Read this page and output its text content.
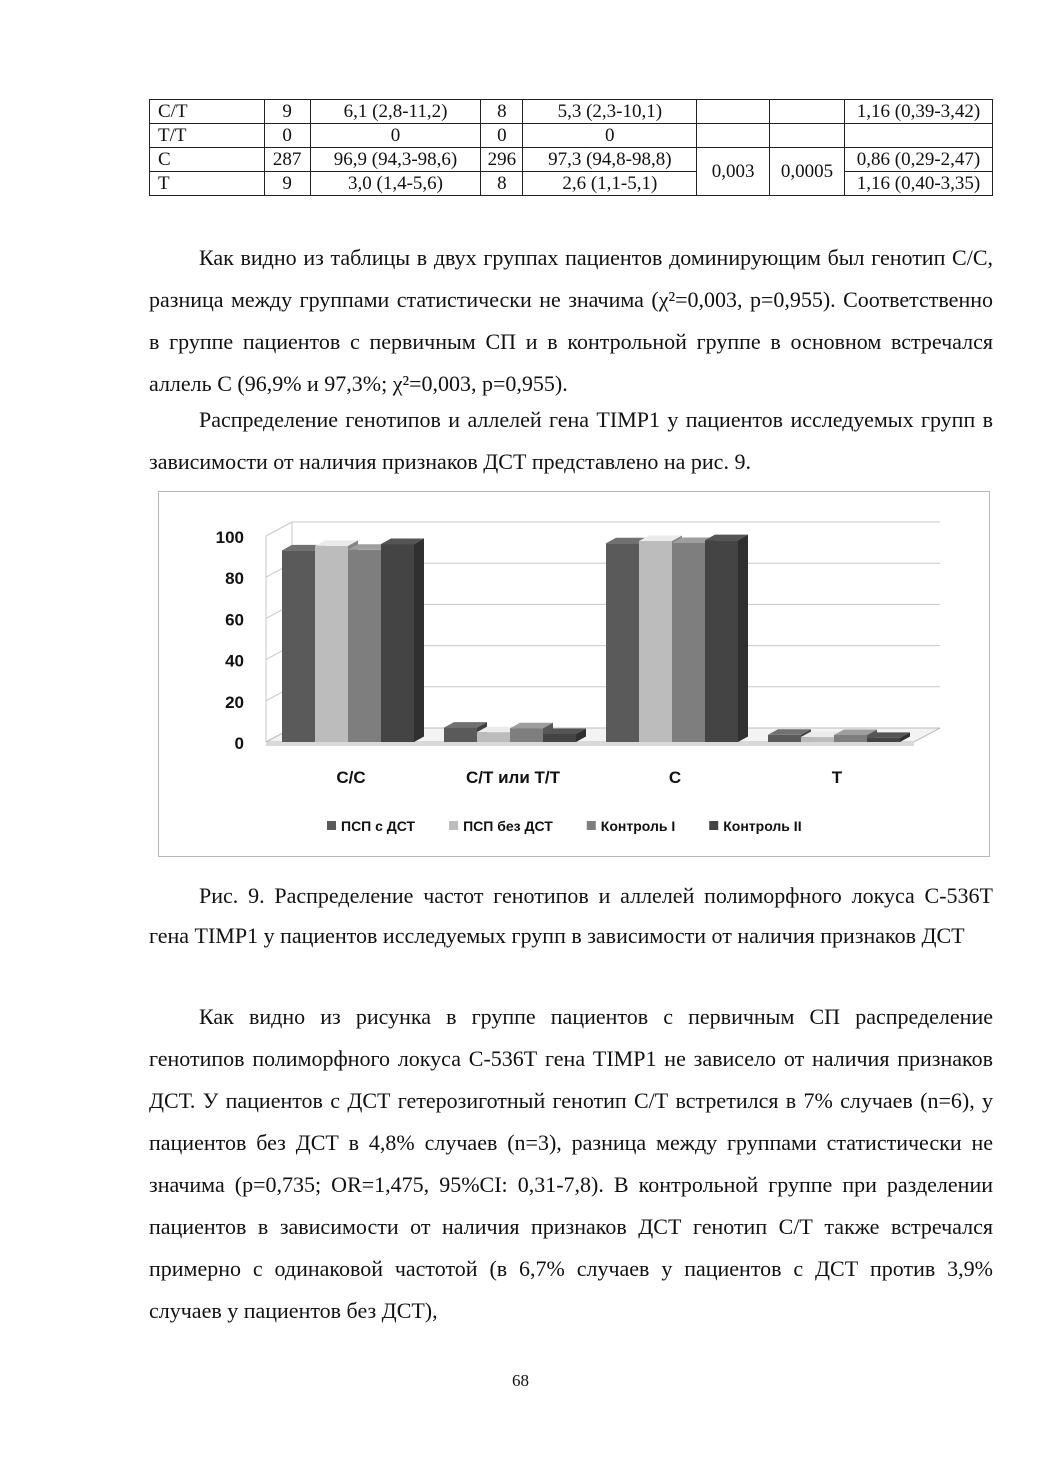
C/T	9	6,1 (2,8-11,2)	8	5,3 (2,3-10,1)			1,16 (0,39-3,42)
T/T	0	0	0	0			
C	287	96,9 (94,3-98,6)	296	97,3 (94,8-98,8)	0,003	0,0005	0,86 (0,29-2,47)
T	9	3,0 (1,4-5,6)	8	2,6 (1,1-5,1)			1,16 (0,40-3,35)

Как видно из таблицы в двух группах пациентов доминирующим был генотип С/С, разница между группами статистически не значима (χ²=0,003, p=0,955). Соответственно в группе пациентов с первичным СП и в контрольной группе в основном встречался аллель С (96,9% и 97,3%; χ²=0,003, p=0,955).

Распределение генотипов и аллелей гена TIMP1 у пациентов исследуемых групп в зависимости от наличия признаков ДСТ представлено на рис. 9.

0
20
40
60
80
100
С/С	С/Т или Т/Т	С	Т
ПСП с ДСТ	ПСП без ДСТ	Контроль I	Контроль II

Рис. 9. Распределение частот генотипов и аллелей полиморфного локуса С-536Т гена TIMP1 у пациентов исследуемых групп в зависимости от наличия признаков ДСТ

Как видно из рисунка в группе пациентов с первичным СП распределение генотипов полиморфного локуса С-536Т гена TIMP1 не зависело от наличия признаков ДСТ. У пациентов с ДСТ гетерозиготный генотип С/Т встретился в 7% случаев (n=6), у пациентов без ДСТ в 4,8% случаев (n=3), разница между группами статистически не значима (p=0,735; OR=1,475, 95%CI: 0,31-7,8). В контрольной группе при разделении пациентов в зависимости от наличия признаков ДСТ генотип С/Т также встречался примерно с одинаковой частотой (в 6,7% случаев у пациентов с ДСТ против 3,9% случаев у пациентов без ДСТ),

68
